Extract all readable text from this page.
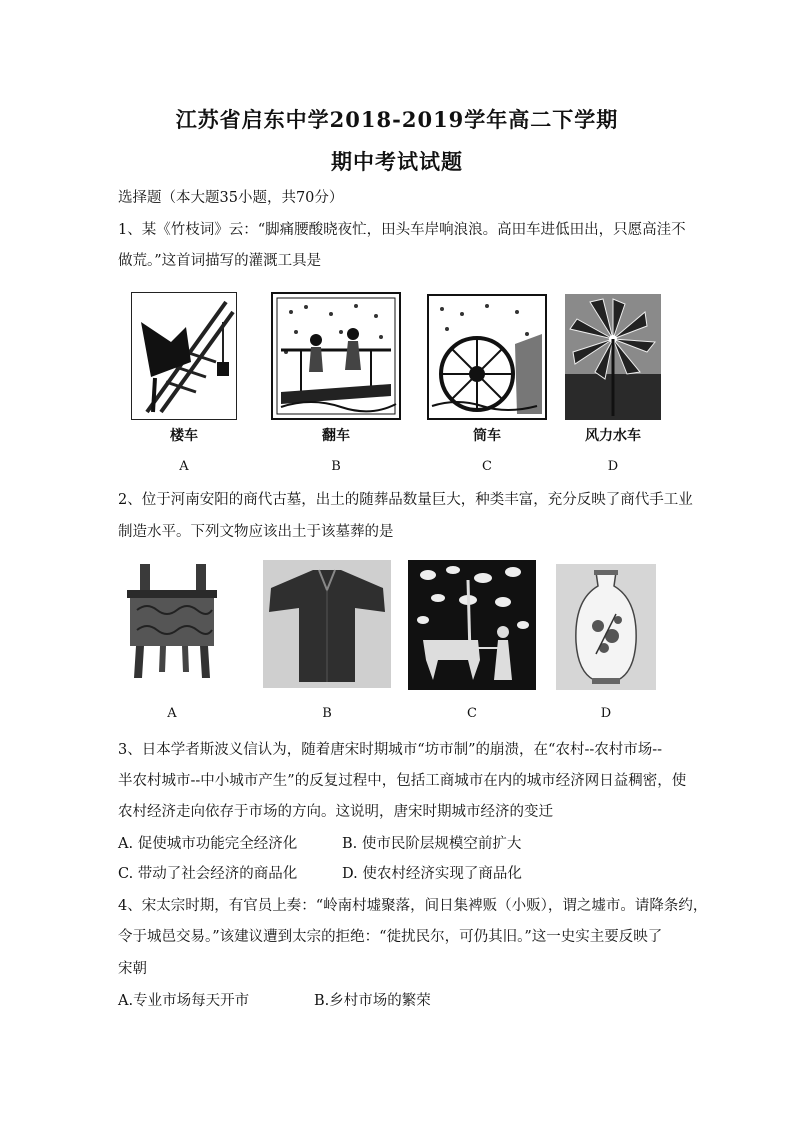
江苏省启东中学2018-2019学年高二下学期
期中考试试题
选择题（本大题35小题，共70分）
1、某《竹枝词》云：“脚痛腰酸晓夜忙，田头车岸响浪浪。高田车进低田出，只愿高洼不
做荒。”这首词描写的灌溉工具是
楼车
A
翻车
B
筒车
C
风力水车
D
2、位于河南安阳的商代古墓，出土的随葬品数量巨大，种类丰富，充分反映了商代手工业
制造水平。下列文物应该出土于该墓葬的是
A	B	C	D
3、日本学者斯波义信认为，随着唐宋时期城市“坊市制”的崩溃，在“农村--农村市场--
半农村城市--中小城市产生”的反复过程中，包括工商城市在内的城市经济网日益稠密，使
农村经济走向依存于市场的方向。这说明，唐宋时期城市经济的变迁
A. 促使城市功能完全经济化	B. 使市民阶层规模空前扩大
C. 带动了社会经济的商品化	D. 使农村经济实现了商品化
4、宋太宗时期，有官员上奏：“岭南村墟聚落，间日集裨贩（小贩），谓之墟市。请降条约，
令于城邑交易。”该建议遭到太宗的拒绝：“徙扰民尔，可仍其旧。”这一史实主要反映了
宋朝
A.专业市场每天开市	B.乡村市场的繁荣
